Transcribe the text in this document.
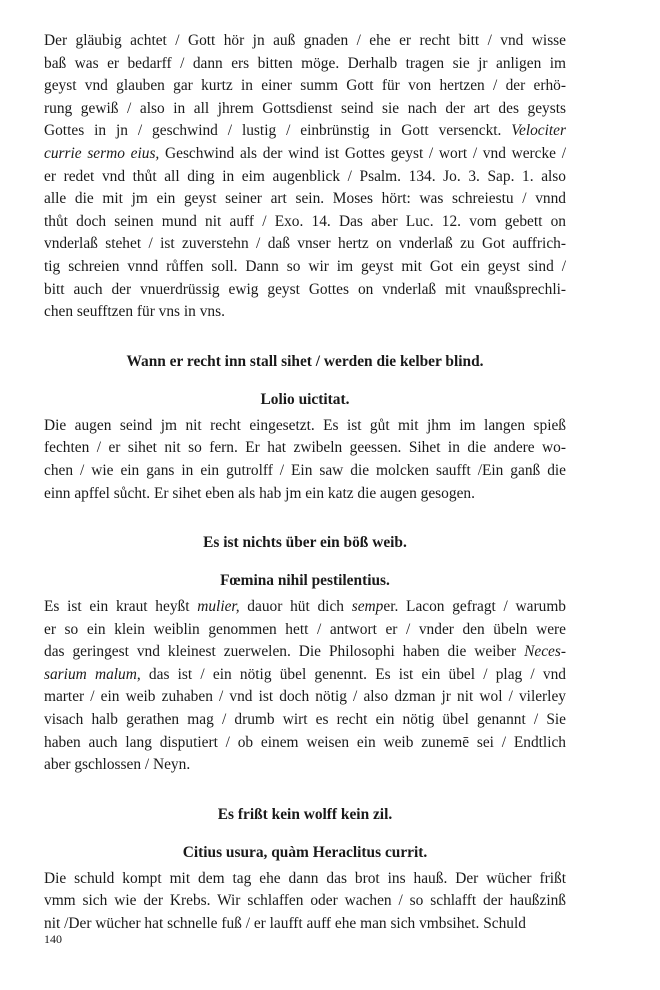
Der gläubig achtet / Gott hör jn auß gnaden / ehe er recht bitt / vnd wisse
baß was er bedarff / dann ers bitten möge. Derhalb tragen sie jr anligen im
geyst vnd glauben gar kurtz in einer summ Gott für von hertzen / der erhö-
rung gewiß / also in all jhrem Gottsdienst seind sie nach der art des geysts
Gottes in jn / geschwind / lustig / einbrünstig in Gott versenckt. Velociter
currie sermo eius, Geschwind als der wind ist Gottes geyst / wort / vnd wercke /
er redet vnd thůt all ding in eim augenblick / Psalm. 134. Jo. 3. Sap. 1. also
alle die mit jm ein geyst seiner art sein. Moses hört: was schreiestu / vnnd
thůt doch seinen mund nit auff / Exo. 14. Das aber Luc. 12. vom gebett on
vnderlaß stehet / ist zuverstehn / daß vnser hertz on vnderlaß zu Got auffrich-
tig schreien vnnd růffen soll. Dann so wir im geyst mit Got ein geyst sind /
bitt auch der vnuerdrüssig ewig geyst Gottes on vnderlaß mit vnaußsprechli-
chen seufftzen für vns in vns.

Wann er recht inn stall sihet / werden die kelber blind.
Lolio uictitat.

Die augen seind jm nit recht eingesetzt. Es ist gůt mit jhm im langen spieß
fechten / er sihet nit so fern. Er hat zwibeln geessen. Sihet in die andere wo-
chen / wie ein gans in ein gutrolff / Ein saw die molcken saufft /Ein ganß die
einn apffel sůcht. Er sihet eben als hab jm ein katz die augen gesogen.

Es ist nichts über ein böß weib.
Fœmina nihil pestilentius.

Es ist ein kraut heyßt mulier, dauor hüt dich semper. Lacon gefragt / warumb
er so ein klein weiblin genommen hett / antwort er / vnder den übeln were
das geringest vnd kleinest zuerwelen. Die Philosophi haben die weiber Neces-
sarium malum, das ist / ein nötig übel genennt. Es ist ein übel / plag / vnd
marter / ein weib zuhaben / vnd ist doch nötig / also dzman jr nit wol / vilerley
visach halb gerathen mag / drumb wirt es recht ein nötig übel genannt / Sie
haben auch lang disputiert / ob einem weisen ein weib zunemē sei / Endtlich
aber gschlossen / Neyn.

Es frißt kein wolff kein zil.
Citius usura, quàm Heraclitus currit.

Die schuld kompt mit dem tag ehe dann das brot ins hauß. Der wücher frißt
vmm sich wie der Krebs. Wir schlaffen oder wachen / so schlafft der haußzinß
nit /Der wücher hat schnelle fuß / er laufft auff ehe man sich vmbsihet. Schuld

140
